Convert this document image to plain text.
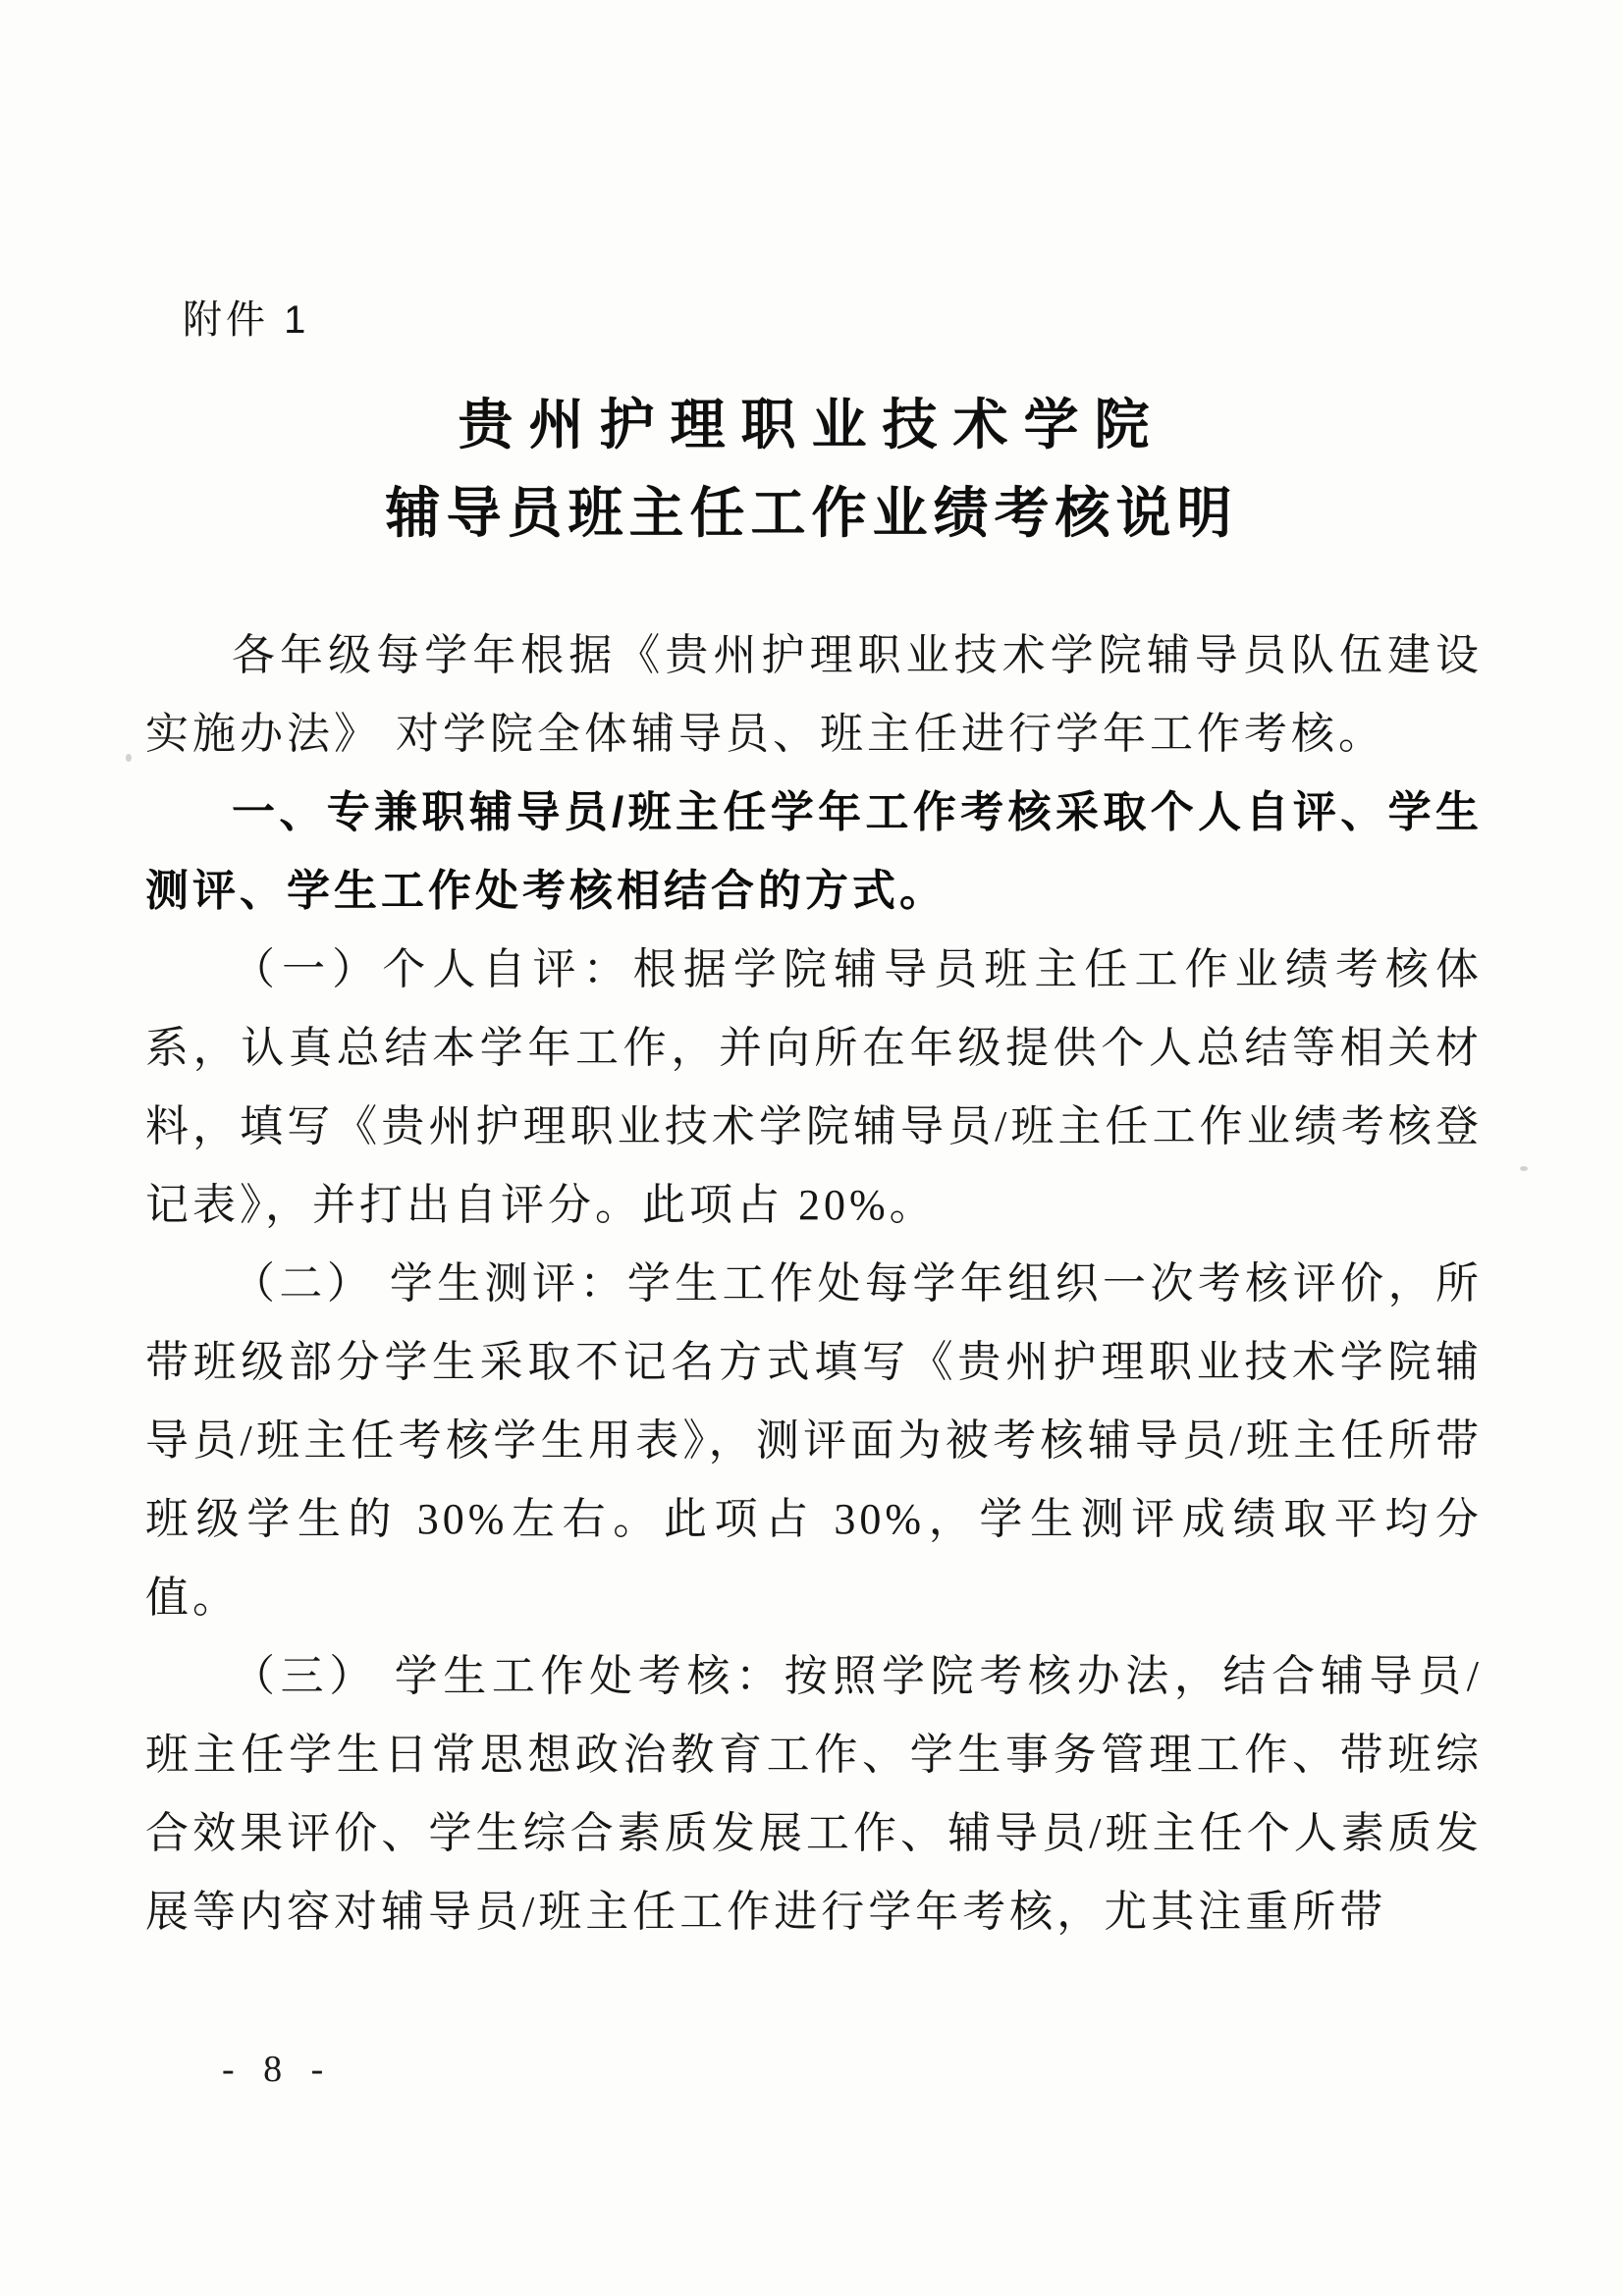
附件 1
贵州护理职业技术学院
辅导员班主任工作业绩考核说明

各年级每学年根据《贵州护理职业技术学院辅导员队伍建设实施办法》 对学院全体辅导员、班主任进行学年工作考核。

一、专兼职辅导员/班主任学年工作考核采取个人自评、学生测评、学生工作处考核相结合的方式。

（一）个人自评：根据学院辅导员班主任工作业绩考核体系，认真总结本学年工作，并向所在年级提供个人总结等相关材料，填写《贵州护理职业技术学院辅导员/班主任工作业绩考核登记表》，并打出自评分。此项占 20%。

（二） 学生测评：学生工作处每学年组织一次考核评价，所带班级部分学生采取不记名方式填写《贵州护理职业技术学院辅导员/班主任考核学生用表》，测评面为被考核辅导员/班主任所带班级学生的 30%左右。此项占 30%，学生测评成绩取平均分值。

（三） 学生工作处考核：按照学院考核办法，结合辅导员/班主任学生日常思想政治教育工作、学生事务管理工作、带班综合效果评价、学生综合素质发展工作、辅导员/班主任个人素质发展等内容对辅导员/班主任工作进行学年考核，尤其注重所带

- 8 -
